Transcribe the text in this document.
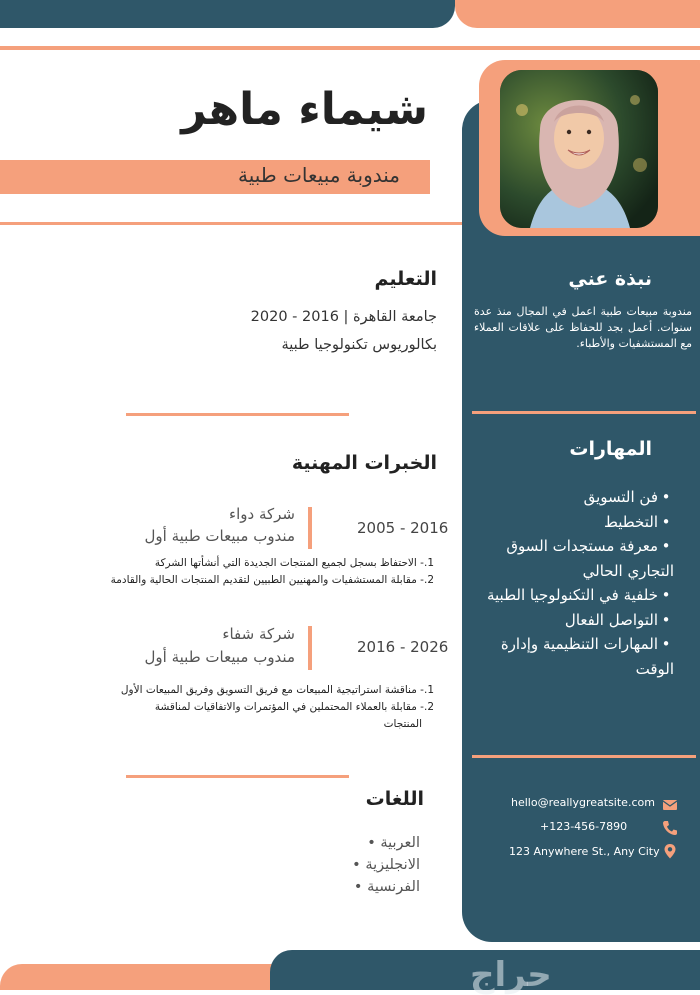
شيماء ماهر
مندوبة مبيعات طبية
التعليم
جامعة القاهرة | 2016 - 2020
بكالوريوس تكنولوجيا طبية
الخبرات المهنية
شركة دواء
مندوب مبيعات طبية أول	2005 - 2016
1.- الاحتفاظ بسجل لجميع المنتجات الجديدة التي أنشأتها الشركة
2.- مقابلة المستشفيات والمهنيين الطبيين لتقديم المنتجات الحالية والقادمة
شركة شفاء
مندوب مبيعات طبية أول
2016 - 2026
1.- مناقشة استراتيجية المبيعات مع فريق التسويق وفريق المبيعات الأول
2.- مقابلة بالعملاء المحتملين في المؤتمرات والاتفاقيات لمناقشة
المنتجات
اللغات
العربية •
الانجليزية •
الفرنسية •
نبذة عني
مندوبة مبيعات طبية اعمل في المجال منذ عدة سنوات. أعمل بجد للحفاظ على علاقات العملاء مع المستشفيات والأطباء.
المهارات
•فن التسويق
•التخطيط
•معرفة مستجدات السوق التجاري الحالي
•خلفية في التكنولوجيا الطبية
•التواصل الفعال
•المهارات التنظيمية وإدارة الوقت
hello@reallygreatsite.com
+123-456-7890
123 Anywhere St., Any City
حراج
